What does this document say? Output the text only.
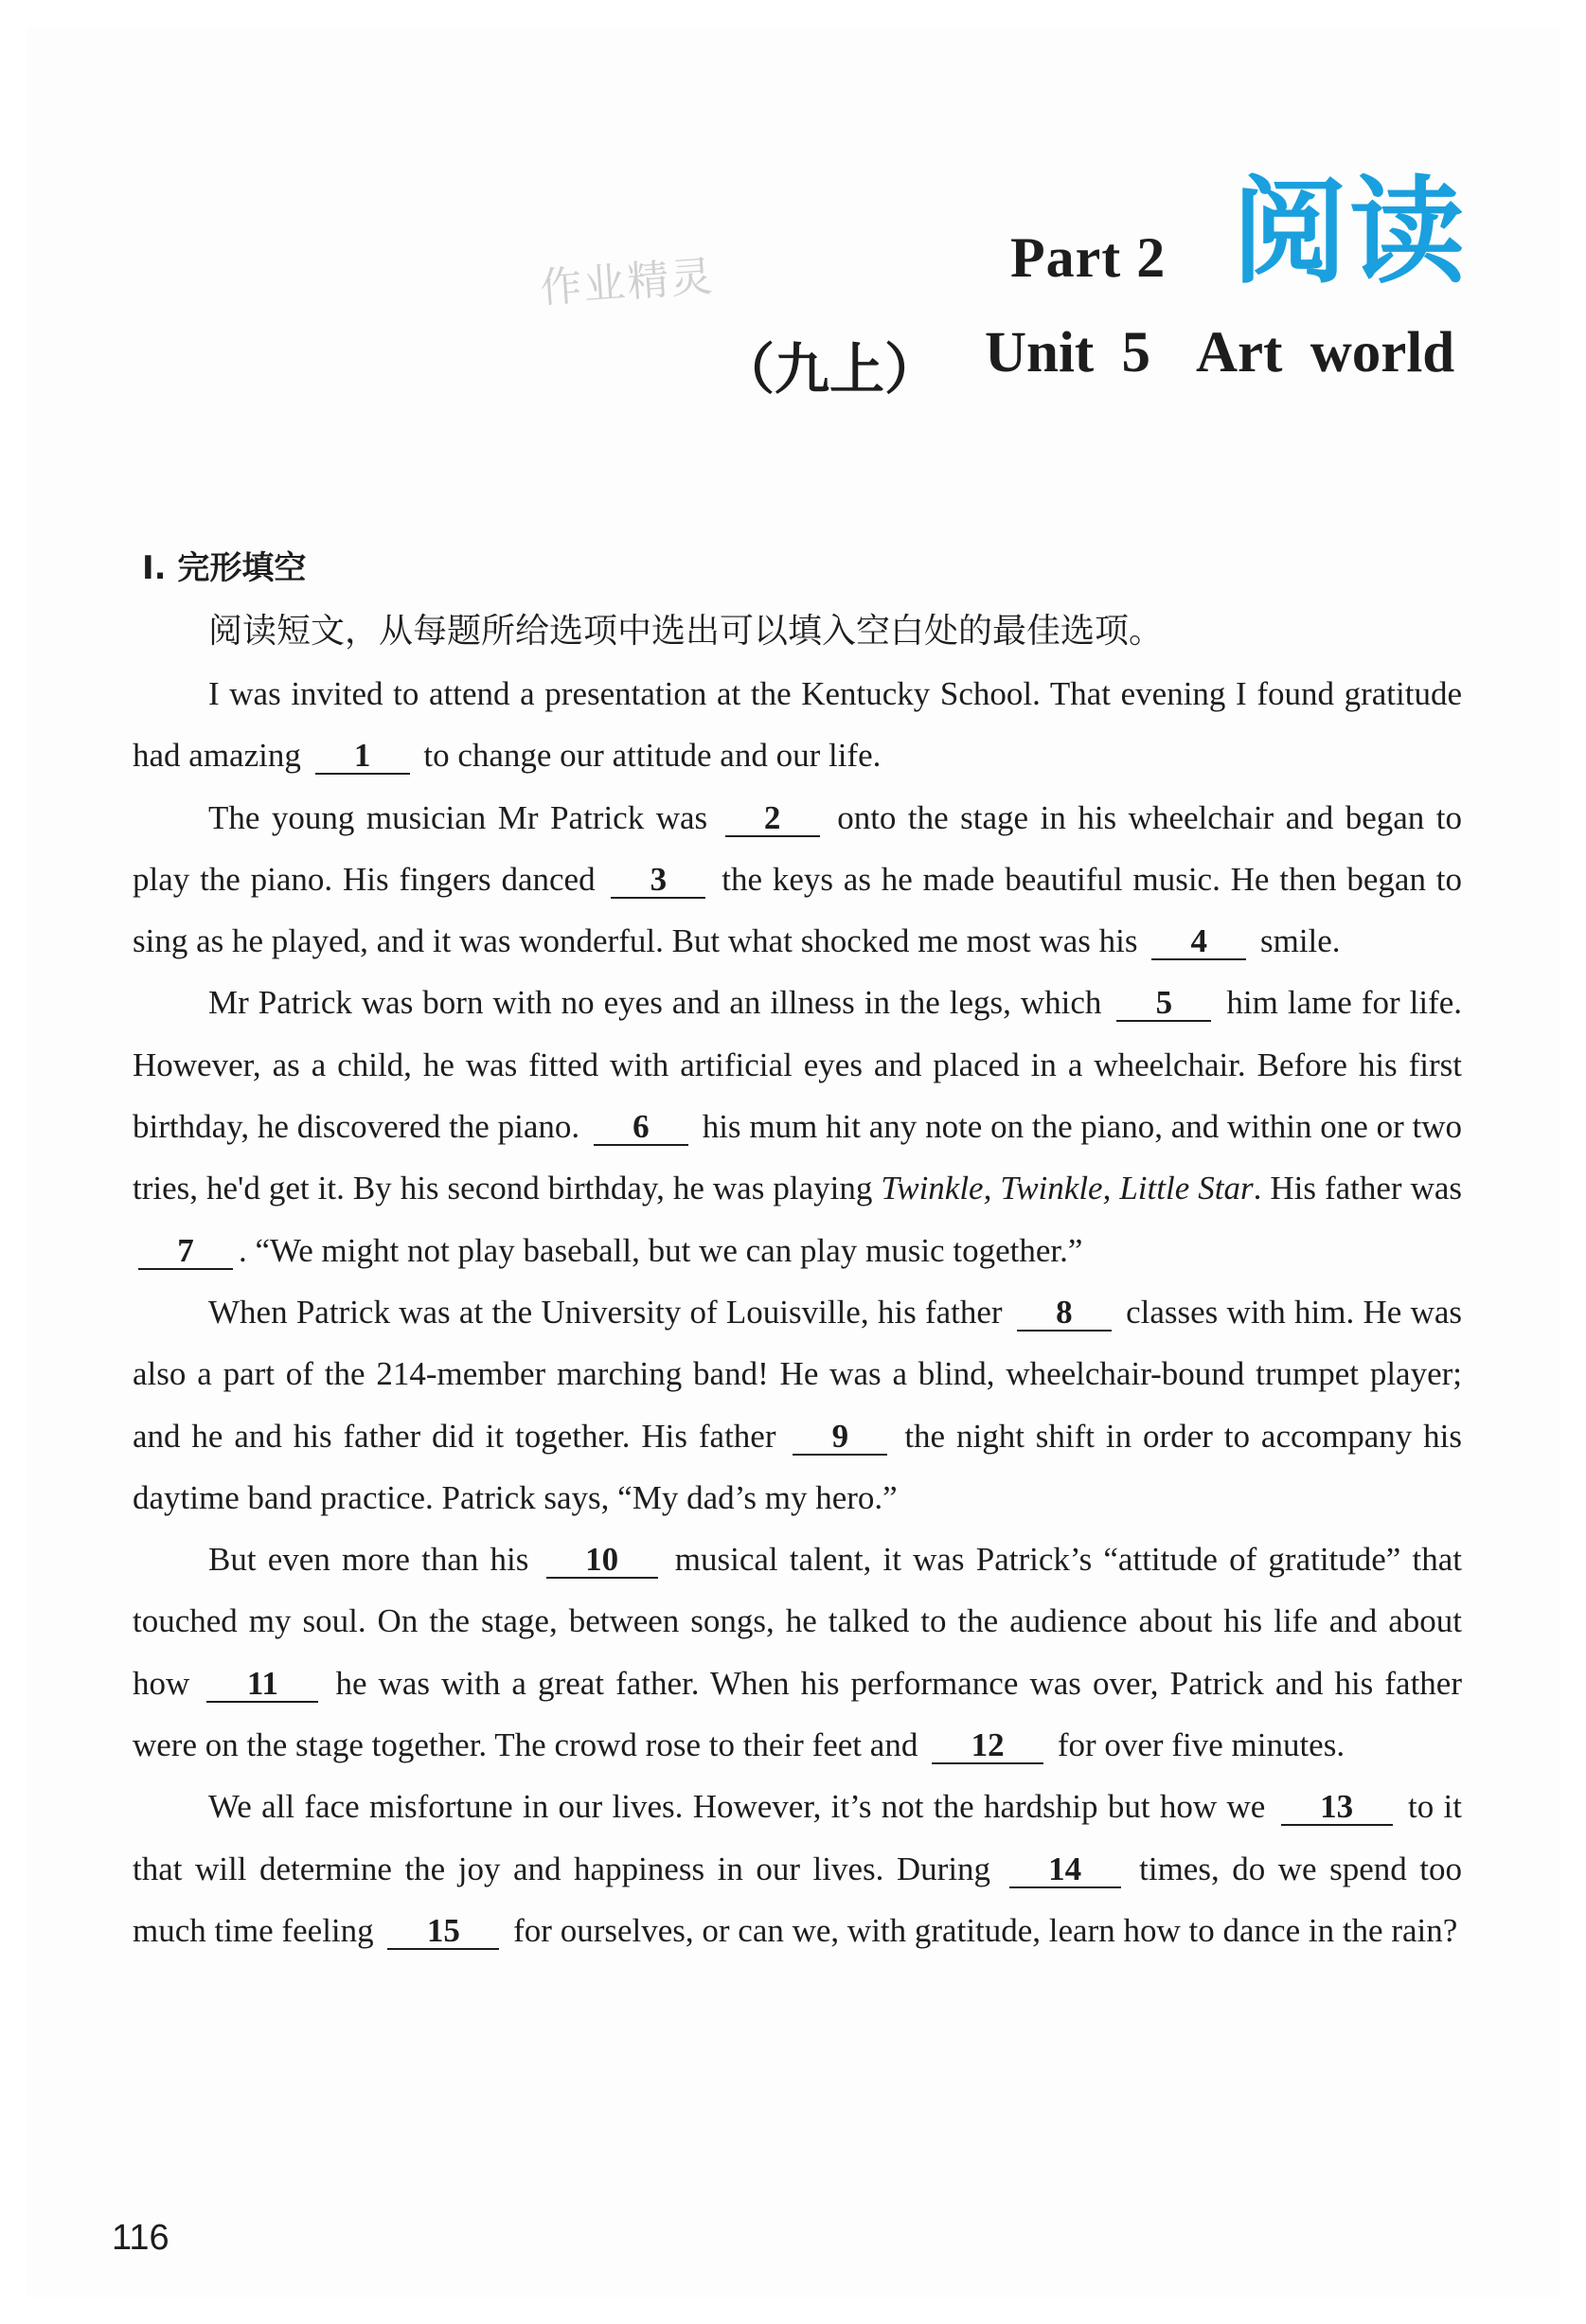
Part 2 阅读
作业精灵
（九上） Unit 5 Art world
Ⅰ. 完形填空
阅读短文，从每题所给选项中选出可以填入空白处的最佳选项。

I was invited to attend a presentation at the Kentucky School. That evening I found gratitude had amazing 1 to change our attitude and our life.

The young musician Mr Patrick was 2 onto the stage in his wheelchair and began to play the piano. His fingers danced 3 the keys as he made beautiful music. He then began to sing as he played, and it was wonderful. But what shocked me most was his 4 smile.

Mr Patrick was born with no eyes and an illness in the legs, which 5 him lame for life. However, as a child, he was fitted with artificial eyes and placed in a wheelchair. Before his first birthday, he discovered the piano. 6 his mum hit any note on the piano, and within one or two tries, he'd get it. By his second birthday, he was playing Twinkle, Twinkle, Little Star. His father was 7 . “We might not play baseball, but we can play music together.”

When Patrick was at the University of Louisville, his father 8 classes with him. He was also a part of the 214-member marching band! He was a blind, wheelchair-bound trumpet player; and he and his father did it together. His father 9 the night shift in order to accompany his daytime band practice. Patrick says, “My dad’s my hero.”

But even more than his 10 musical talent, it was Patrick’s “attitude of gratitude” that touched my soul. On the stage, between songs, he talked to the audience about his life and about how 11 he was with a great father. When his performance was over, Patrick and his father were on the stage together. The crowd rose to their feet and 12 for over five minutes.

We all face misfortune in our lives. However, it’s not the hardship but how we 13 to it that will determine the joy and happiness in our lives. During 14 times, do we spend too much time feeling 15 for ourselves, or can we, with gratitude, learn how to dance in the rain?

116
